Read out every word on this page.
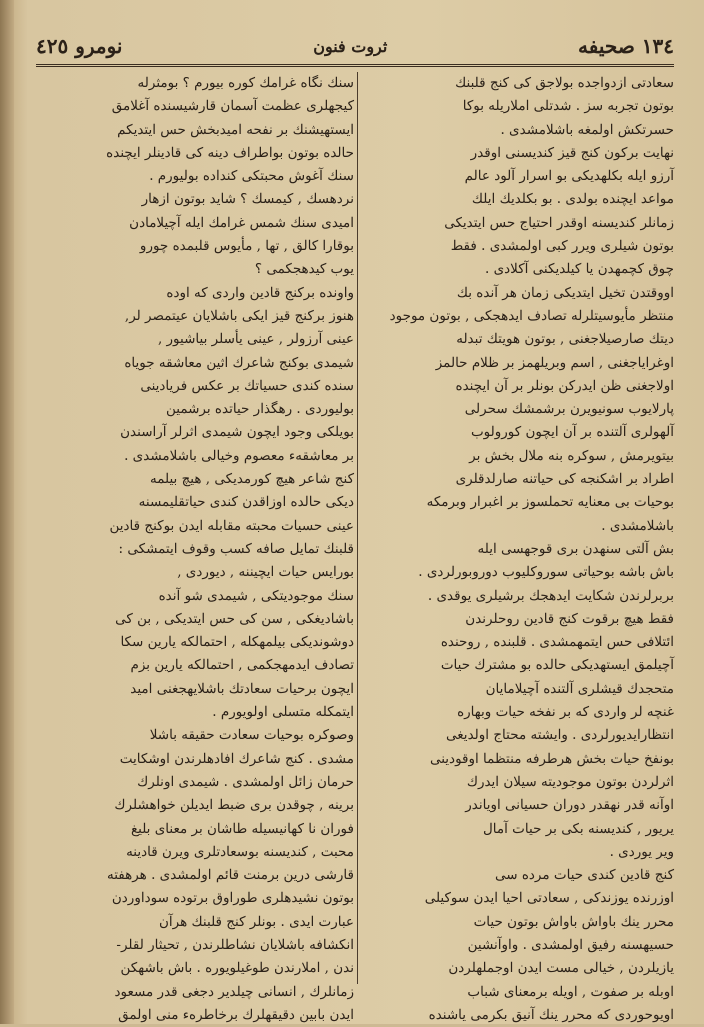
نومرو ٤٢٥	ثروت فنون	١٣٤ صحيفه

سعادتى ازدواجده بولاجق كى كنج قلبنك

بوتون تجربه سز . شدتلى املاريله بوكا

حسرتكش اولمغه باشلامشدى .

نهايت بركون كنج قيز كنديسنى اوقدر

آرزو ايله بكلهديكى بو اسرار آلود عالم

مواعد ايچنده بولدى . بو بكلديك ايلك

زمانلر كنديسنه اوقدر احتياج حس ايتديكى

بوتون شيلرى ويرر كبى اولمشدى . فقط

چوق كچمهدن يا كيلديكنى آكلادى .

اووقتدن تخيل ايتديكى زمان هر آنده بك

منتظر مأيوسيتلرله تصادف ايدهجكى , بوتون موجود

ديتك صارصيلاجغنى , بوتون هويتك تبدله

اوغراياجغنى , اسم وبريلهمز بر ظلام حالمز

اولاجغنى ظن ايدركن بونلر بر آن ايچنده

پارلايوب سونيويرن برشمشك سحرلى

آلهولرى آلتنده بر آن ايچون كورولوب

بيتويرمش , سوكره بنه ملال بخش بر

اطراد بر اشكنجه كى حياتنه صارلدقلرى

بوحيات بى معنايه تحملسوز بر اغبرار وبرمكه

باشلامشدى .

بش آلتى سنهدن برى قوجهسى ايله

باش باشه بوحياتى سوروكليوب دوروبورلردى .

بربرلرندن شكايت ايدهجك برشيلرى يوقدى .

فقط هيچ برقوت كنج قادين روحلرندن

ائتلافى حس ايتمهمشدى . قلبنده , روحنده

آچيلمق ايستهديكى حالده بو مشترك حيات

متحجدك قيشلرى آلتنده آچيلامايان

غنچه لر واردى كه بر نفخه حيات وبهاره

انتظارايديورلردى . وايشته محتاج اولديغى

بونفخ حيات بخش هرطرفه منتظما اوقودينى

اثرلردن بوتون موجوديته سيلان ايدرك

اوآنه قدر نهقدر دوران حسيانى اوياندر

يريور , كنديسنه بكى بر حيات آمال

وير يوردى .

كنج قادين كندى حيات مرده سى

اوزرنده يوزندكى , سعادتى احيا ايدن سوكيلى

محرر ينك باواش باواش بوتون حيات

حسيهسنه رفيق اولمشدى . واوآنشين

يازيلردن , خيالى مست ايدن اوجملهلردن

اوبله بر صفوت , اويله برمعناى شباب

اويوحوردى كه محرر ينك آنيق بكرمى ياشنده

سنك نگاه غرامك كوره بيورم ؟ بومثرله

كيجهلرى عظمت آسمان قارشيسنده آغلامق

ايستهيشنك بر نفحه اميدبخش حس ايتديكم

حالده بوتون بواطراف دينه كى قادينلر ايچنده

سنك آغوش محبتكى كنداده بوليورم .

نردهسك , كيمسك ؟ شايد بوتون ازهار

اميدى سنك شمس غرامك ايله آچيلامادن

بوقارا كالق , تها , مأيوس قلبمده چورو

يوب كيدهجكمى ؟

واونده بركنج قادين واردى كه اوده

هنوز بركنج قيز ايكى باشلايان عيتمصر لر,

عينى آرزولر , عينى يأسلر بياشيور ,

شيمدى بوكنج شاعرك اثين معاشقه جوياه

سنده كندى حسياتك بر عكس فريادينى

بوليوردى . رهگذار حياتده برشمين

بويلكى وجود ايچون شيمدى اثرلر آراسندن

بر معاشقهء معصوم وخيالى باشلامشدى .

كنج شاعر هيچ كورمديكى , هيچ بيلمه

ديكى حالده اوزاقدن كندى حياتقليمسنه

عينى حسيات محبته مقابله ايدن بوكنج قادين

قلبنك تمايل صافه كسب وقوف ايتمشكى :

بورايس حيات ايچيننه , ديوردى ,

سنك موجوديتكى , شيمدى شو آنده

باشاديغكى , سن كى حس ايتديكى , بن كى

دوشونديكى بيلمهكله , احتمالكه يارين سكا

تصادف ايدمهجكمى , احتمالكه يارين بزم

ايچون برحيات سعادتك باشلايهجغنى اميد

ايتمكله متسلى اولويورم .

وصوكره بوحيات سعادت حقيقه باشلا

مشدى . كنج شاعرك افادهلرندن اوشكايت

حرمان زائل اولمشدى . شيمدى اونلرك

برينه , چوقدن برى ضبط ايديلن خواهشلرك

فوران نا كهانيسيله طاشان بر معناى بليغ

محبت , كنديسنه بوسعادتلرى ويرن قادينه

قارشى درين برمنت قائم اولمشدى . هرهفته

بوتون نشيدهلرى طوراوق برتوده سوداوردن

عبارت ايدى . بونلر كنج قلبنك هرآن

انكشافه باشلايان نشاطلرندن , تحيثار لقلر-

ندن , املارندن طوغيلويوره . باش باشهكن

زمانلرك , انسانى چيلدير دجغى قدر مسعود

ايدن بابين دقيقهلرك برخاطرهء منى اولمق
